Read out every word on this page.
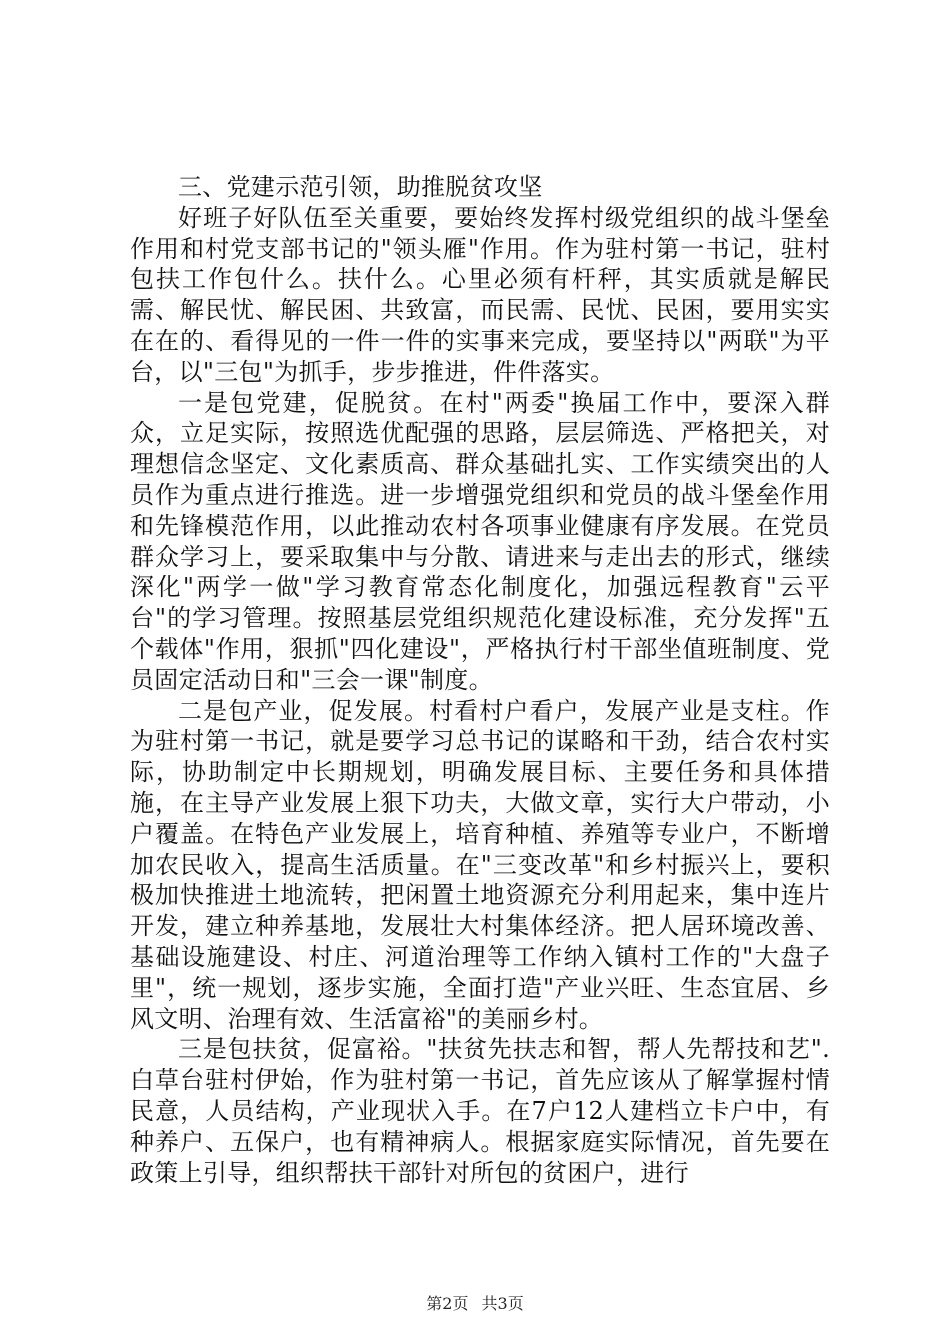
三、党建示范引领，助推脱贫攻坚

好班子好队伍至关重要，要始终发挥村级党组织的战斗堡垒作用和村党支部书记的"领头雁"作用。作为驻村第一书记，驻村包扶工作包什么。扶什么。心里必须有杆秤，其实质就是解民需、解民忧、解民困、共致富，而民需、民忧、民困，要用实实在在的、看得见的一件一件的实事来完成，要坚持以"两联"为平台，以"三包"为抓手，步步推进，件件落实。

一是包党建，促脱贫。在村"两委"换届工作中，要深入群众，立足实际，按照选优配强的思路，层层筛选、严格把关，对理想信念坚定、文化素质高、群众基础扎实、工作实绩突出的人员作为重点进行推选。进一步增强党组织和党员的战斗堡垒作用和先锋模范作用，以此推动农村各项事业健康有序发展。在党员群众学习上，要采取集中与分散、请进来与走出去的形式，继续深化"两学一做"学习教育常态化制度化，加强远程教育"云平台"的学习管理。按照基层党组织规范化建设标准，充分发挥"五个载体"作用，狠抓"四化建设"，严格执行村干部坐值班制度、党员固定活动日和"三会一课"制度。

二是包产业，促发展。村看村户看户，发展产业是支柱。作为驻村第一书记，就是要学习总书记的谋略和干劲，结合农村实际，协助制定中长期规划，明确发展目标、主要任务和具体措施，在主导产业发展上狠下功夫，大做文章，实行大户带动，小户覆盖。在特色产业发展上，培育种植、养殖等专业户，不断增加农民收入，提高生活质量。在"三变改革"和乡村振兴上，要积极加快推进土地流转，把闲置土地资源充分利用起来，集中连片开发，建立种养基地，发展壮大村集体经济。把人居环境改善、基础设施建设、村庄、河道治理等工作纳入镇村工作的"大盘子里"，统一规划，逐步实施，全面打造"产业兴旺、生态宜居、乡风文明、治理有效、生活富裕"的美丽乡村。

三是包扶贫，促富裕。"扶贫先扶志和智，帮人先帮技和艺".白草台驻村伊始，作为驻村第一书记，首先应该从了解掌握村情民意，人员结构，产业现状入手。在7户12人建档立卡户中，有种养户、五保户，也有精神病人。根据家庭实际情况，首先要在政策上引导，组织帮扶干部针对所包的贫困户，进行

第2页 共3页
